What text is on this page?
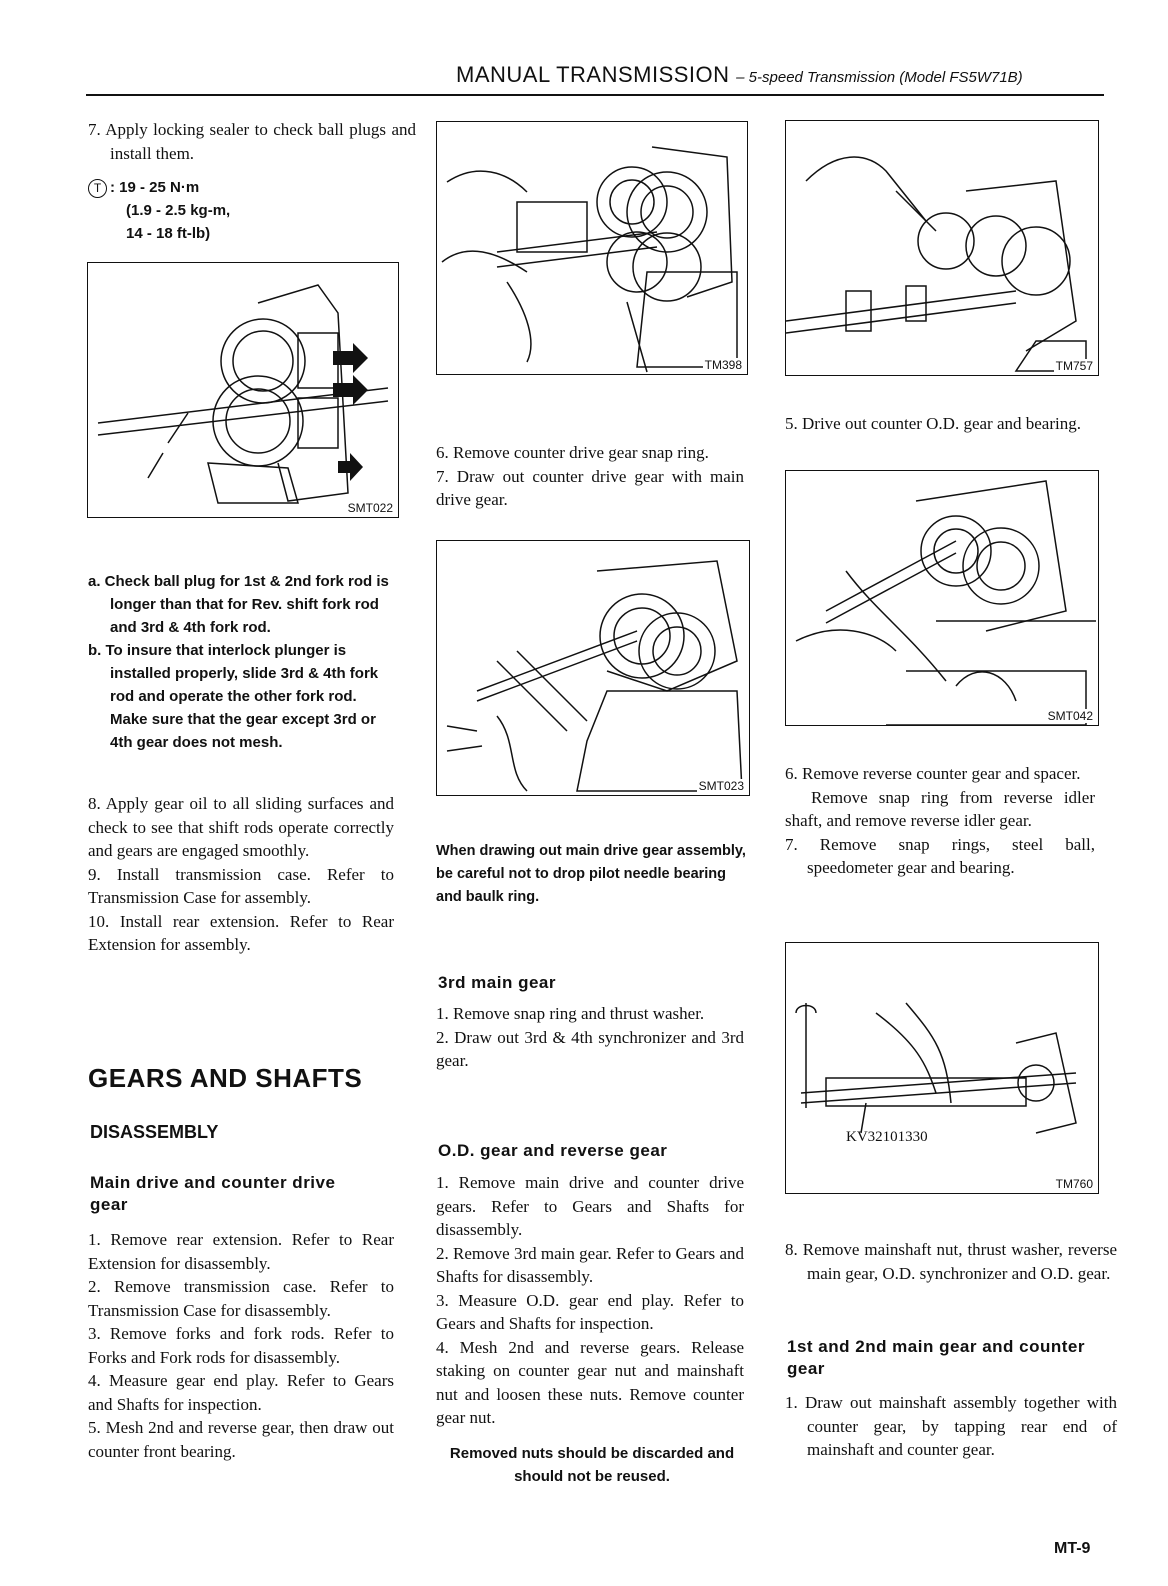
MANUAL TRANSMISSION – 5-speed Transmission (Model FS5W71B)
7. Apply locking sealer to check ball plugs and install them.
T : 19 - 25 N·m
(1.9 - 2.5 kg-m,
14 - 18 ft-lb)
SMT022

a. Check ball plug for 1st & 2nd fork rod is longer than that for Rev. shift fork rod and 3rd & 4th fork rod.

b. To insure that interlock plunger is installed properly, slide 3rd & 4th fork rod and operate the other fork rod. Make sure that the gear except 3rd or 4th gear does not mesh.

8. Apply gear oil to all sliding surfaces and check to see that shift rods operate correctly and gears are engaged smoothly.

9. Install transmission case. Refer to Transmission Case for assembly.

10. Install rear extension. Refer to Rear Extension for assembly.

GEARS AND SHAFTS
DISASSEMBLY
Main drive and counter drive gear

1. Remove rear extension. Refer to Rear Extension for disassembly.

2. Remove transmission case. Refer to Transmission Case for disassembly.

3. Remove forks and fork rods. Refer to Forks and Fork rods for disassembly.

4. Measure gear end play. Refer to Gears and Shafts for inspection.

5. Mesh 2nd and reverse gear, then draw out counter front bearing.

TM398

6. Remove counter drive gear snap ring.

7. Draw out counter drive gear with main drive gear.

SMT023
When drawing out main drive gear assembly, be careful not to drop pilot needle bearing and baulk ring.
3rd main gear

1. Remove snap ring and thrust washer.

2. Draw out 3rd & 4th synchronizer and 3rd gear.

O.D. gear and reverse gear

1. Remove main drive and counter drive gears. Refer to Gears and Shafts for disassembly.

2. Remove 3rd main gear. Refer to Gears and Shafts for disassembly.

3. Measure O.D. gear end play. Refer to Gears and Shafts for inspection.

4. Mesh 2nd and reverse gears. Release staking on counter gear nut and mainshaft nut and loosen these nuts. Remove counter gear nut.

Removed nuts should be discarded and should not be reused.
TM757
5. Drive out counter O.D. gear and bearing.
SMT042
6. Remove reverse counter gear and spacer.
Remove snap ring from reverse idler shaft, and remove reverse idler gear.
7. Remove snap rings, steel ball, speedometer gear and bearing.
KV32101330
TM760
8. Remove mainshaft nut, thrust washer, reverse main gear, O.D. synchronizer and O.D. gear.
1st and 2nd main gear and counter gear
1. Draw out mainshaft assembly together with counter gear, by tapping rear end of mainshaft and counter gear.
MT-9
